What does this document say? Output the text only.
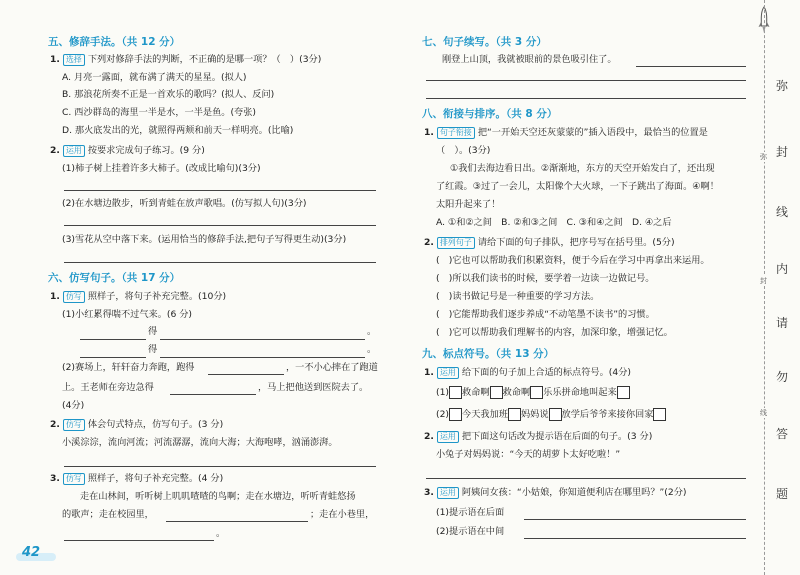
五、修辞手法。（共 12 分）
1. 选择 下列对修辞手法的判断，不正确的是哪一项？（　）(3分)
A. 月亮一露面，就布满了满天的星星。(拟人)
B. 那浪花所奏不正是一首欢乐的歌吗？(拟人、反问)
C. 西沙群岛的海里一半是水，一半是鱼。(夸张)
D. 那火底发出的光，就照得两颊和前天一样明亮。(比喻)
2. 运用 按要求完成句子练习。(9 分)
(1)柿子树上挂着许多大柿子。(改成比喻句)(3分)
(2)在水塘边散步，听到青蛙在放声歌唱。(仿写拟人句)(3分)
(3)雪花从空中落下来。(运用恰当的修辞手法,把句子写得更生动)(3分)
六、仿写句子。（共 17 分）
1. 仿写 照样子，将句子补充完整。(10分)
(1)小红累得喘不过气来。(6 分)
得	。
得	。
(2)赛场上，轩轩奋力奔跑，跑得	，一不小心摔在了跑道
上。王老师在旁边急得	，马上把他送到医院去了。
(4分)
2. 仿写 体会句式特点，仿写句子。(3 分)
小溪淙淙，流向河流；河流潺潺，流向大海；大海咆哮，汹涌澎湃。
3. 仿写 照样子，将句子补充完整。(4 分)
走在山林间，听听树上叽叽喳喳的鸟啊；走在水塘边，听听青蛙悠扬
的歌声；走在校园里，	；走在小巷里，
。
42
七、句子续写。（共 3 分）
刚登上山顶，我就被眼前的景色吸引住了。
八、衔接与排序。（共 8 分）
1. 句子衔接 把“一开始天空还灰蒙蒙的”插入语段中，最恰当的位置是
（　）。(3分)
①我们去海边看日出。②渐渐地，东方的天空开始发白了，还出现
了红霞。③过了一会儿，太阳像个大火球，一下子跳出了海面。④啊！
太阳升起来了！
A. ①和②之间　B. ②和③之间　C. ③和④之间　D. ④之后
2. 排列句子 请给下面的句子排队，把序号写在括号里。(5分)
(　)它也可以帮助我们积累资料，便于今后在学习中再拿出来运用。
(　)所以我们读书的时候，要学着一边读一边做记号。
(　)读书做记号是一种重要的学习方法。
(　)它能帮助我们逐步养成“不动笔墨不读书”的习惯。
(　)它可以帮助我们理解书的内容，加深印象，增强记忆。
九、标点符号。（共 13 分）
1. 运用 给下面的句子加上合适的标点符号。(4分)
(1) 救命啊 救命啊 乐乐拼命地叫起来
(2) 今天我加班 妈妈说 放学后爷爷来接你回家
2. 运用 把下面这句话改为提示语在后面的句子。(3 分)
小兔子对妈妈说：“今天的胡萝卜太好吃啦！”
3. 运用 阿姨问女孩：“小姑娘，你知道便利店在哪里吗？”(2分)
(1)提示语在后面
(2)提示语在中间
弥
封
线
弥
封
线
内
请
勿
答
题
